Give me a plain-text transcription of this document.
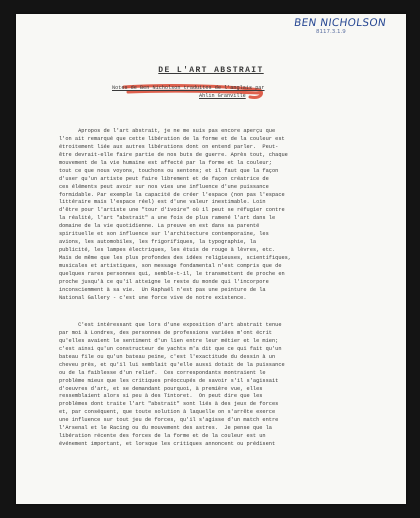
BEN NICHOLSON
8117.3.1.9
DE L'ART ABSTRAIT
Notes de Ben Nicholson traduites de l'anglais par
Ahlin Granville
Apropos de l'art abstrait, je ne me suis pas encore aperçu que
l'on ait remarqué que cette libération de la forme et de la couleur est
étroitement liée aux autres libérations dont on entend parler.  Peut-
être devrait-elle faire partie de nos buts de guerre. Après tout, chaque
mouvement de la vie humaine est affecté par la forme et la couleur;
tout ce que nous voyons, touchons ou sentons; et il faut que la façon
d'user qu'un artiste peut faire librement et de façon créatrice de
ces éléments peut avoir sur nos vies une influence d'une puissance
formidable. Par exemple la capacité de créer l'espace (non pas l'espace
littéraire mais l'espace réel) est d'une valeur inestimable. Loin
d'être pour l'artiste une "tour d'ivoire" où il peut se réfugier contre
la réalité, l'art "abstrait" a une fois de plus ramené l'art dans le
domaine de la vie quotidienne. La preuve en est dans sa parenté
spirituelle et son influence sur l'architecture contemporaine, les
avions, les automobiles, les frigorifiques, la typographie, la
publicité, les lampes électriques, les étuis de rouge à lèvres, etc.
Mais de même que les plus profondes des idées religieuses, scientifiques,
musicales et artistiques, son message fondamental n'est compris que de
quelques rares personnes qui, semble-t-il, le transmettent de proche en
proche jusqu'à ce qu'il atteigne le reste du monde qui l'incorpore
inconsciemment à sa vie.  Un Raphaël n'est pas une peinture de la
National Gallery - c'est une force vive de notre existence.
C'est intéressant que lors d'une exposition d'art abstrait tenue
par moi à Londres, des personnes de professions variées m'ont écrit
qu'elles avaient le sentiment d'un lien entre leur métier et le mien;
c'est ainsi qu'un constructeur de yachts m'a dit que ce qui fait qu'un
bateau file ou qu'un bateau peine, c'est l'exactitude du dessin à un
cheveu près, et qu'il lui semblait qu'elle aussi dotait de la puissance
ou de la faiblesse d'un relief.  Ces correspondants montraient le
problème mieux que les critiques préoccupés de savoir s'il s'agissait
d'oeuvres d'art, et se demandant pourquoi, à première vue, elles
ressemblaient alors si peu à des Tintoret.  On peut dire que les
problèmes dont traite l'art "abstrait" sont liés à des jeux de forces
et, par conséquent, que toute solution à laquelle on s'arrête exerce
une influence sur tout jeu de forces, qu'il s'agisse d'un match entre
l'Arsenal et le Racing ou du mouvement des astres.  Je pense que la
libération récente des forces de la forme et de la couleur est un
événement important, et lorsque les critiques annoncent ou prédisent
